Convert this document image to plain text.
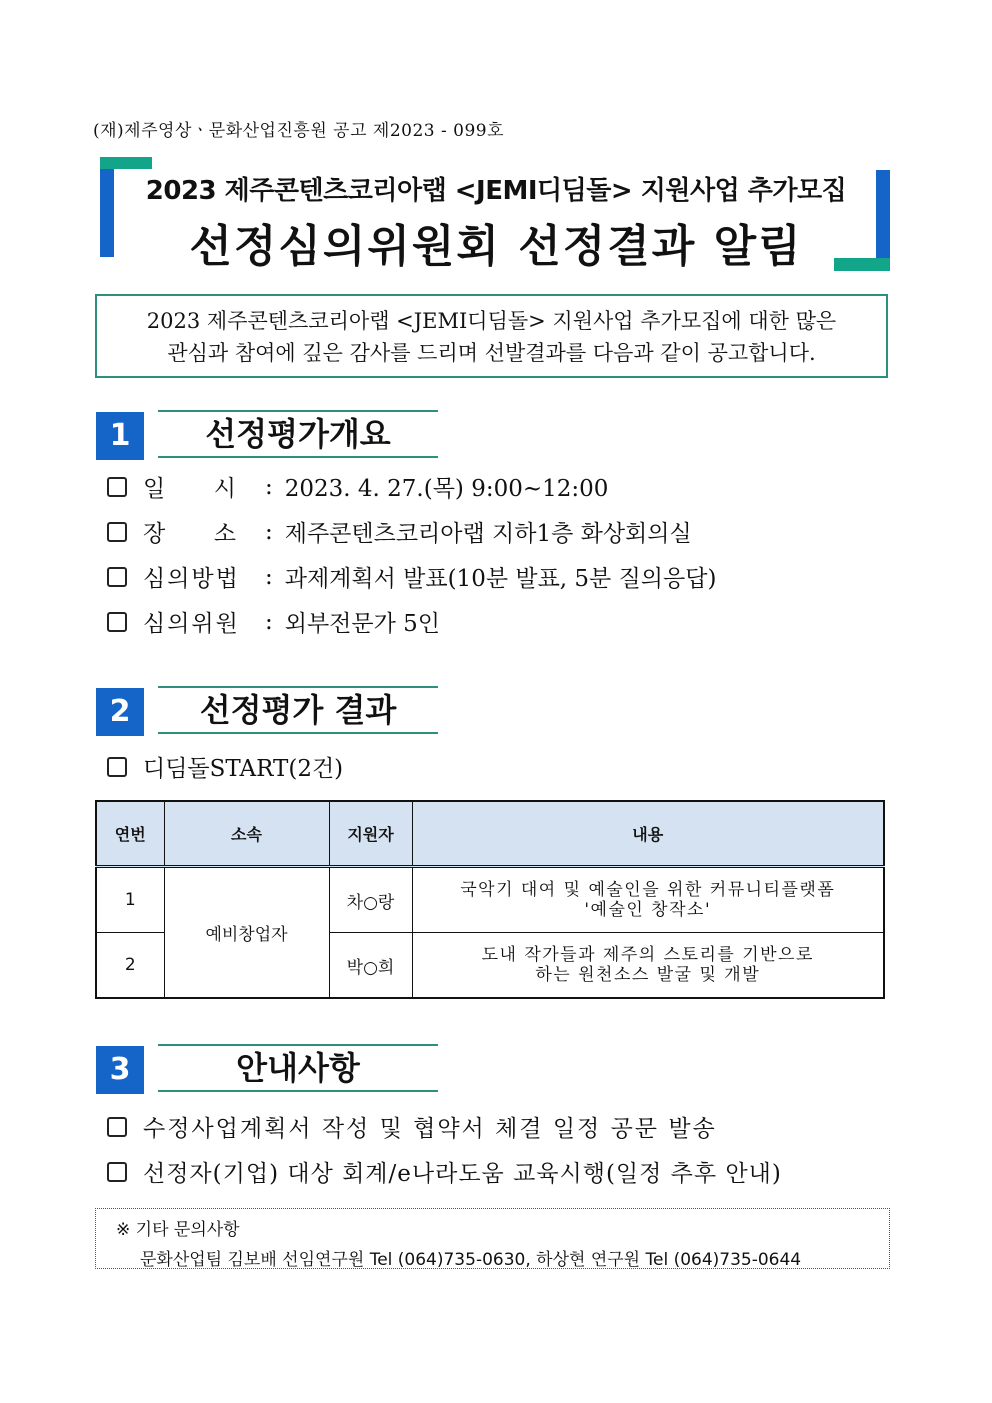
(재)제주영상ㆍ문화산업진흥원 공고 제2023 - 099호
2023 제주콘텐츠코리아랩 <JEMI디딤돌> 지원사업 추가모집
선정심의위원회 선정결과 알림
2023 제주콘텐츠코리아랩 <JEMI디딤돌> 지원사업 추가모집에 대한 많은
관심과 참여에 깊은 감사를 드리며 선발결과를 다음과 같이 공고합니다.
1	선정평가개요
일     시	: 2023. 4. 27.(목) 9:00~12:00
장     소	: 제주콘텐츠코리아랩 지하1층 화상회의실
심의방법	: 과제계획서 발표(10분 발표, 5분 질의응답)
심의위원	: 외부전문가 5인
2	선정평가 결과
디딤돌START(2건)
연번	소속	지원자	내용
1	예비창업자	차○랑	국악기 대여 및 예술인을 위한 커뮤니티플랫폼
'예술인 창작소'

2		박○희	도내 작가들과 제주의 스토리를 기반으로
하는 원천소스 발굴 및 개발
3	안내사항
수정사업계획서 작성 및 협약서 체결 일정 공문 발송
선정자(기업) 대상 회계/e나라도움 교육시행(일정 추후 안내)
※ 기타 문의사항
문화산업팀 김보배 선임연구원 Tel (064)735-0630, 하상현 연구원 Tel (064)735-0644
